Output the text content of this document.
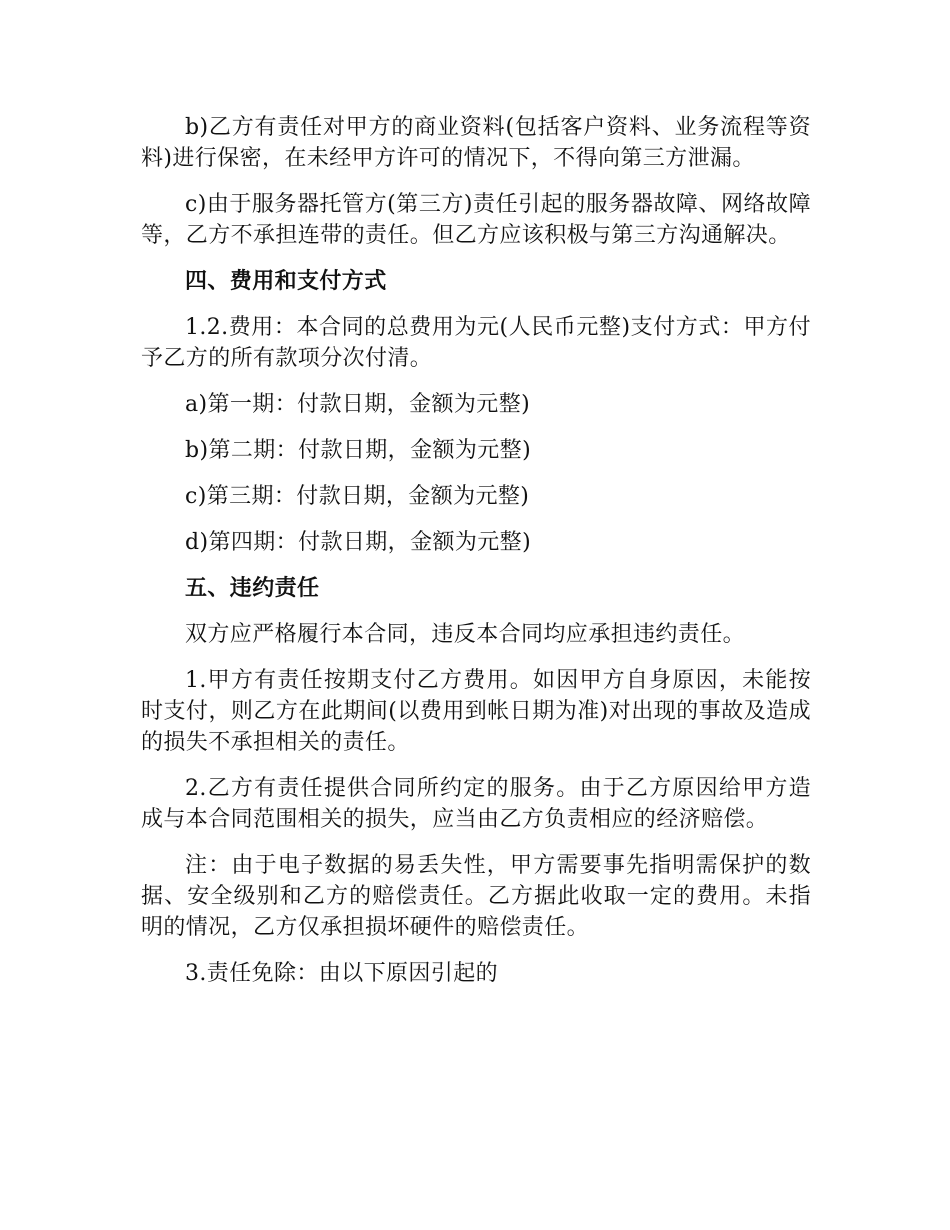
b)乙方有责任对甲方的商业资料(包括客户资料、业务流程等资料)进行保密，在未经甲方许可的情况下，不得向第三方泄漏。

c)由于服务器托管方(第三方)责任引起的服务器故障、网络故障等，乙方不承担连带的责任。但乙方应该积极与第三方沟通解决。

四、费用和支付方式

1.2.费用：本合同的总费用为元(人民币元整)支付方式：甲方付予乙方的所有款项分次付清。

a)第一期：付款日期，金额为元整)

b)第二期：付款日期，金额为元整)

c)第三期：付款日期，金额为元整)

d)第四期：付款日期，金额为元整)

五、违约责任

双方应严格履行本合同，违反本合同均应承担违约责任。

1.甲方有责任按期支付乙方费用。如因甲方自身原因，未能按时支付，则乙方在此期间(以费用到帐日期为准)对出现的事故及造成的损失不承担相关的责任。

2.乙方有责任提供合同所约定的服务。由于乙方原因给甲方造成与本合同范围相关的损失，应当由乙方负责相应的经济赔偿。

注：由于电子数据的易丢失性，甲方需要事先指明需保护的数据、安全级别和乙方的赔偿责任。乙方据此收取一定的费用。未指明的情况，乙方仅承担损坏硬件的赔偿责任。

3.责任免除：由以下原因引起的
